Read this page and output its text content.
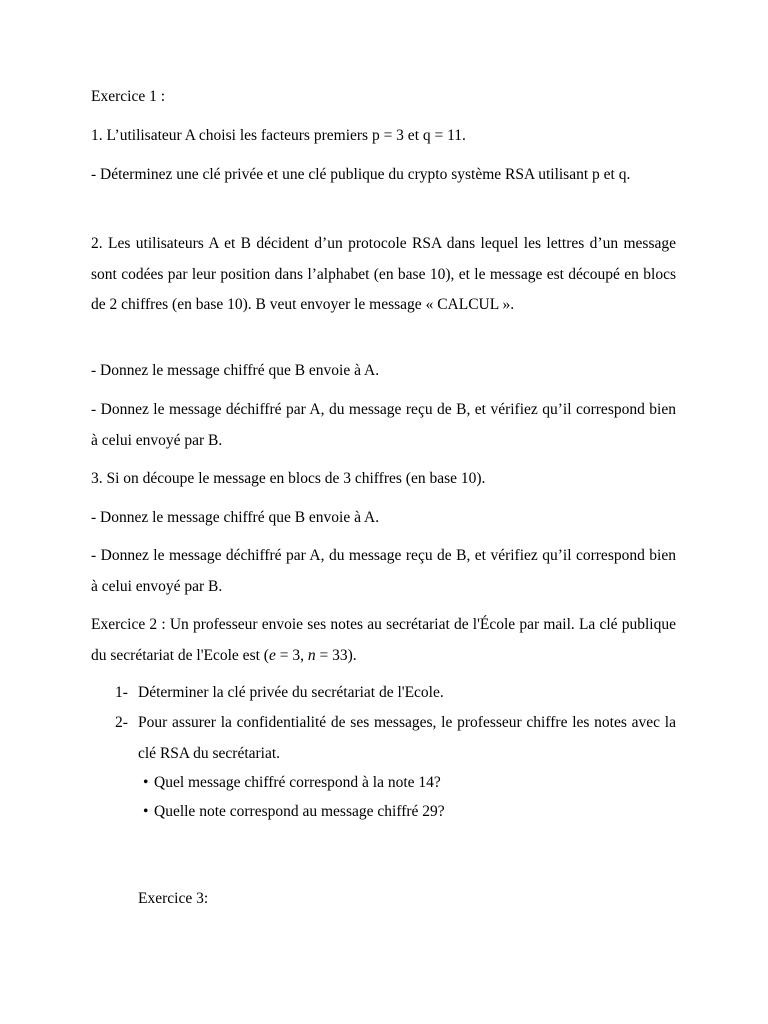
Exercice 1 :

1. L’utilisateur A choisi les facteurs premiers p = 3 et q = 11.

- Déterminez une clé privée et une clé publique du crypto système RSA utilisant p et q.

2. Les utilisateurs A et B décident d’un protocole RSA dans lequel les lettres d’un message sont codées par leur position dans l’alphabet (en base 10), et le message est découpé en blocs de 2 chiffres (en base 10). B veut envoyer le message « CALCUL ».

- Donnez le message chiffré que B envoie à A.

- Donnez le message déchiffré par A, du message reçu de B, et vérifiez qu’il correspond bien à celui envoyé par B.

3. Si on découpe le message en blocs de 3 chiffres (en base 10).

- Donnez le message chiffré que B envoie à A.

- Donnez le message déchiffré par A, du message reçu de B, et vérifiez qu’il correspond bien à celui envoyé par B.

Exercice 2 : Un professeur envoie ses notes au secrétariat de l'École par mail. La clé publique du secrétariat de l'Ecole est (e = 3, n = 33).

1- Déterminer la clé privée du secrétariat de l'Ecole.
2- Pour assurer la confidentialité de ses messages, le professeur chiffre les notes avec la clé RSA du secrétariat.
• Quel message chiffré correspond à la note 14?
• Quelle note correspond au message chiffré 29?

Exercice 3:
